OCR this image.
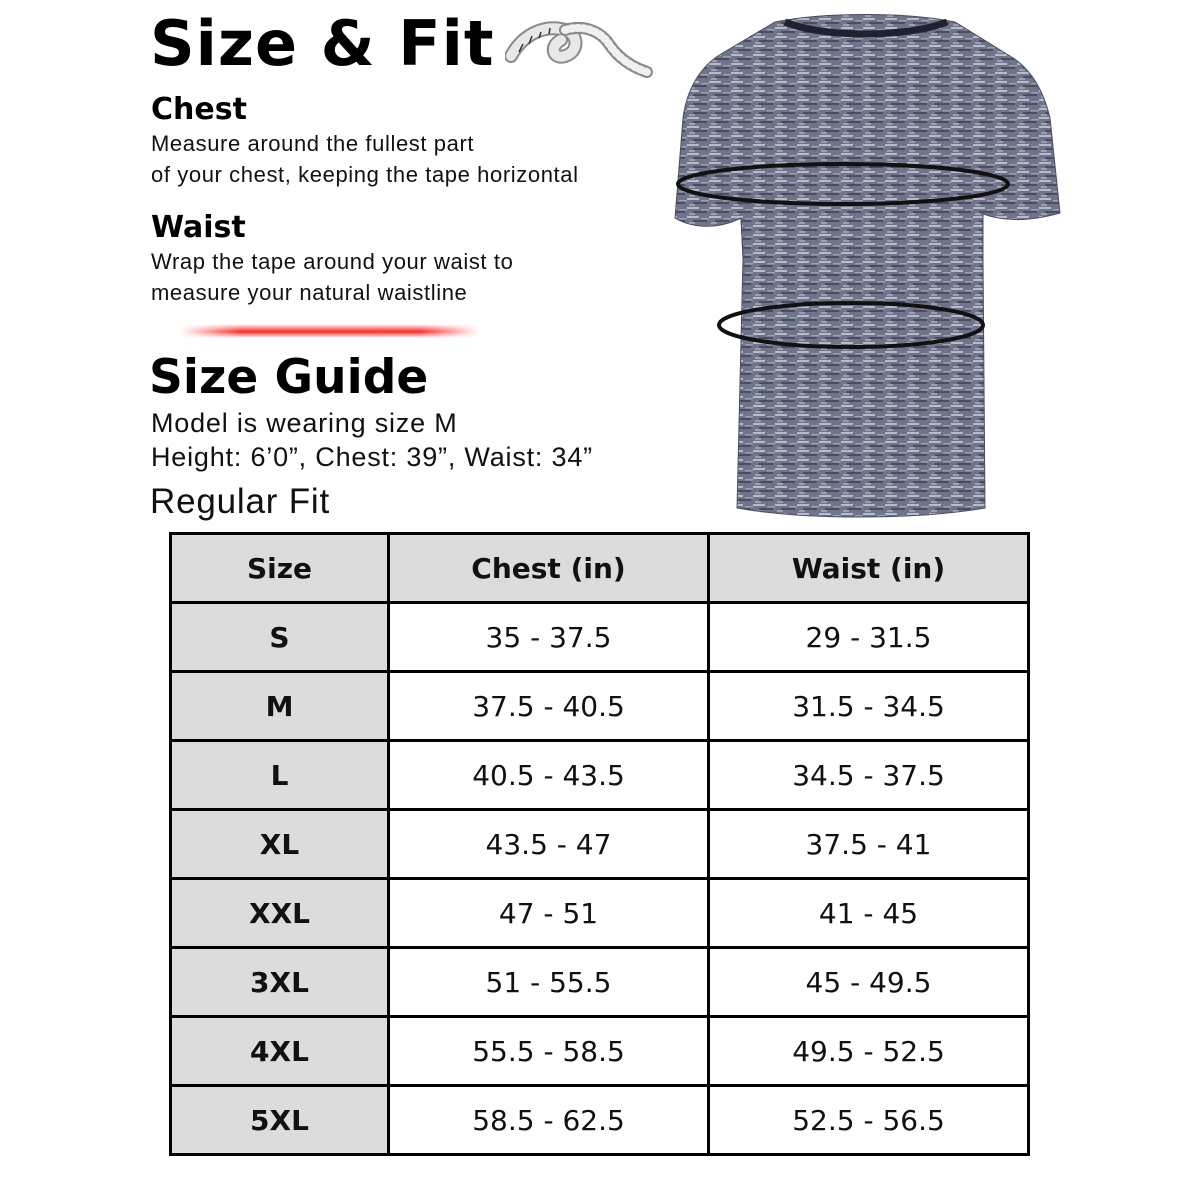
Size & Fit
Chest
Measure around the fullest part
of your chest, keeping the tape horizontal
Waist
Wrap the tape around your waist to
measure your natural waistline
Size Guide
Model is wearing size M
Height: 6’0”, Chest: 39”, Waist: 34”
Regular Fit
Size	Chest (in)	Waist (in)
S	35 - 37.5	29 - 31.5
M	37.5 - 40.5	31.5 - 34.5
L	40.5 - 43.5	34.5 - 37.5
XL	43.5 - 47	37.5 - 41
XXL	47 - 51	41 - 45
3XL	51 - 55.5	45 - 49.5
4XL	55.5 - 58.5	49.5 - 52.5
5XL	58.5 - 62.5	52.5 - 56.5
